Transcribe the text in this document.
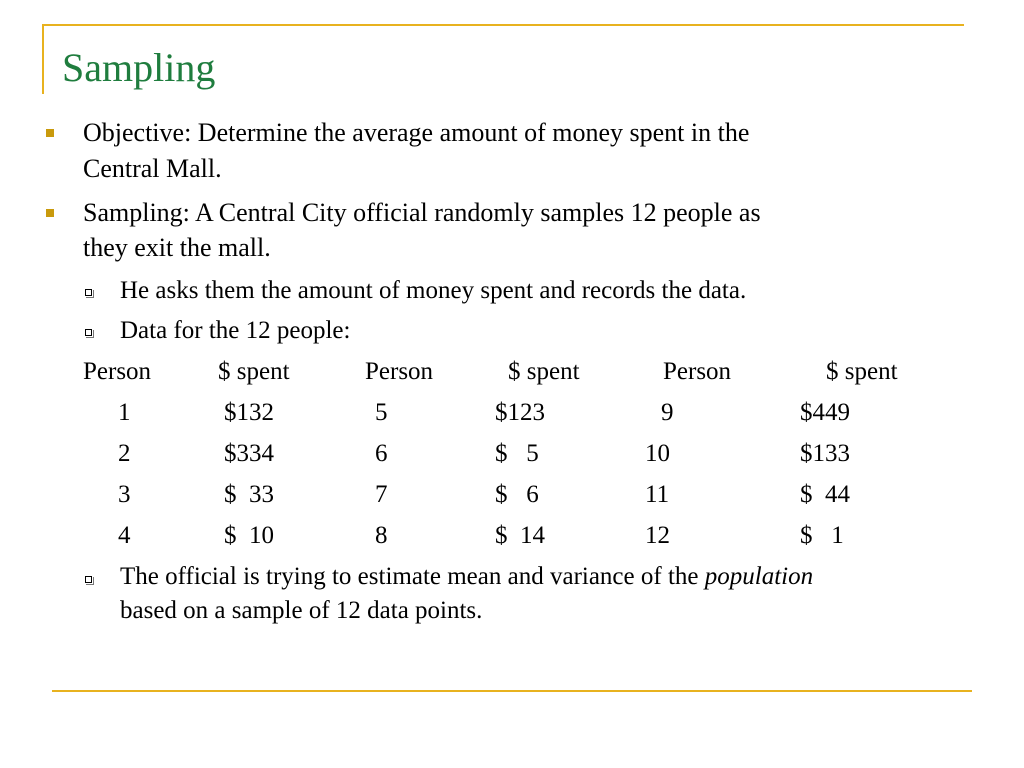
Sampling
Objective: Determine the average amount of money spent in the
Central Mall.
Sampling: A Central City official randomly samples 12 people as
they exit the mall.
He asks them the amount of money spent and records the data.
Data for the 12 people:
Person	$ spent	Person	$ spent	Person	$ spent
1	$132	5	$123	9	$449
2	$334	6	$   5	10	$133
3	$  33	7	$   6	11	$  44
4	$  10	8	$  14	12	$   1
The official is trying to estimate mean and variance of the population
based on a sample of 12 data points.
